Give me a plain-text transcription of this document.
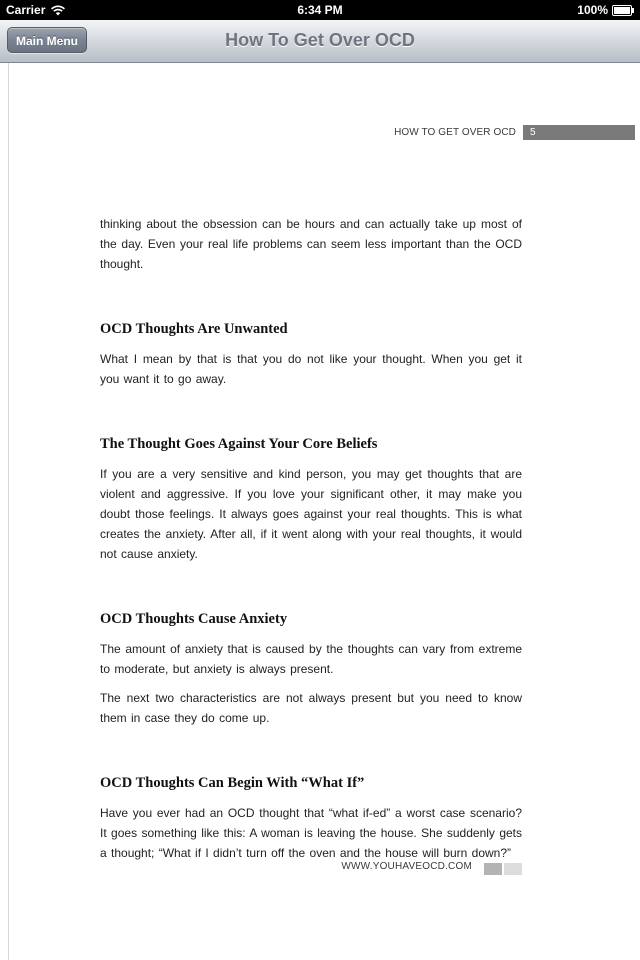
Carrier	6:34 PM	100%
Main Menu	How To Get Over OCD
HOW TO GET OVER OCD	5

thinking about the obsession can be hours and can actually take up most of the day. Even your real life problems can seem less important than the OCD thought.

OCD Thoughts Are Unwanted

What I mean by that is that you do not like your thought. When you get it you want it to go away.

The Thought Goes Against Your Core Beliefs

If you are a very sensitive and kind person, you may get thoughts that are violent and aggressive. If you love your significant other, it may make you doubt those feelings. It always goes against your real thoughts. This is what creates the anxiety. After all, if it went along with your real thoughts, it would not cause anxiety.

OCD Thoughts Cause Anxiety

The amount of anxiety that is caused by the thoughts can vary from extreme to moderate, but anxiety is always present.

The next two characteristics are not always present but you need to know them in case they do come up.

OCD Thoughts Can Begin With “What If”

Have you ever had an OCD thought that “what if-ed” a worst case scenario? It goes something like this: A woman is leaving the house. She suddenly gets a thought; “What if I didn’t turn off the oven and the house will burn down?”

WWW.YOUHAVEOCD.COM
